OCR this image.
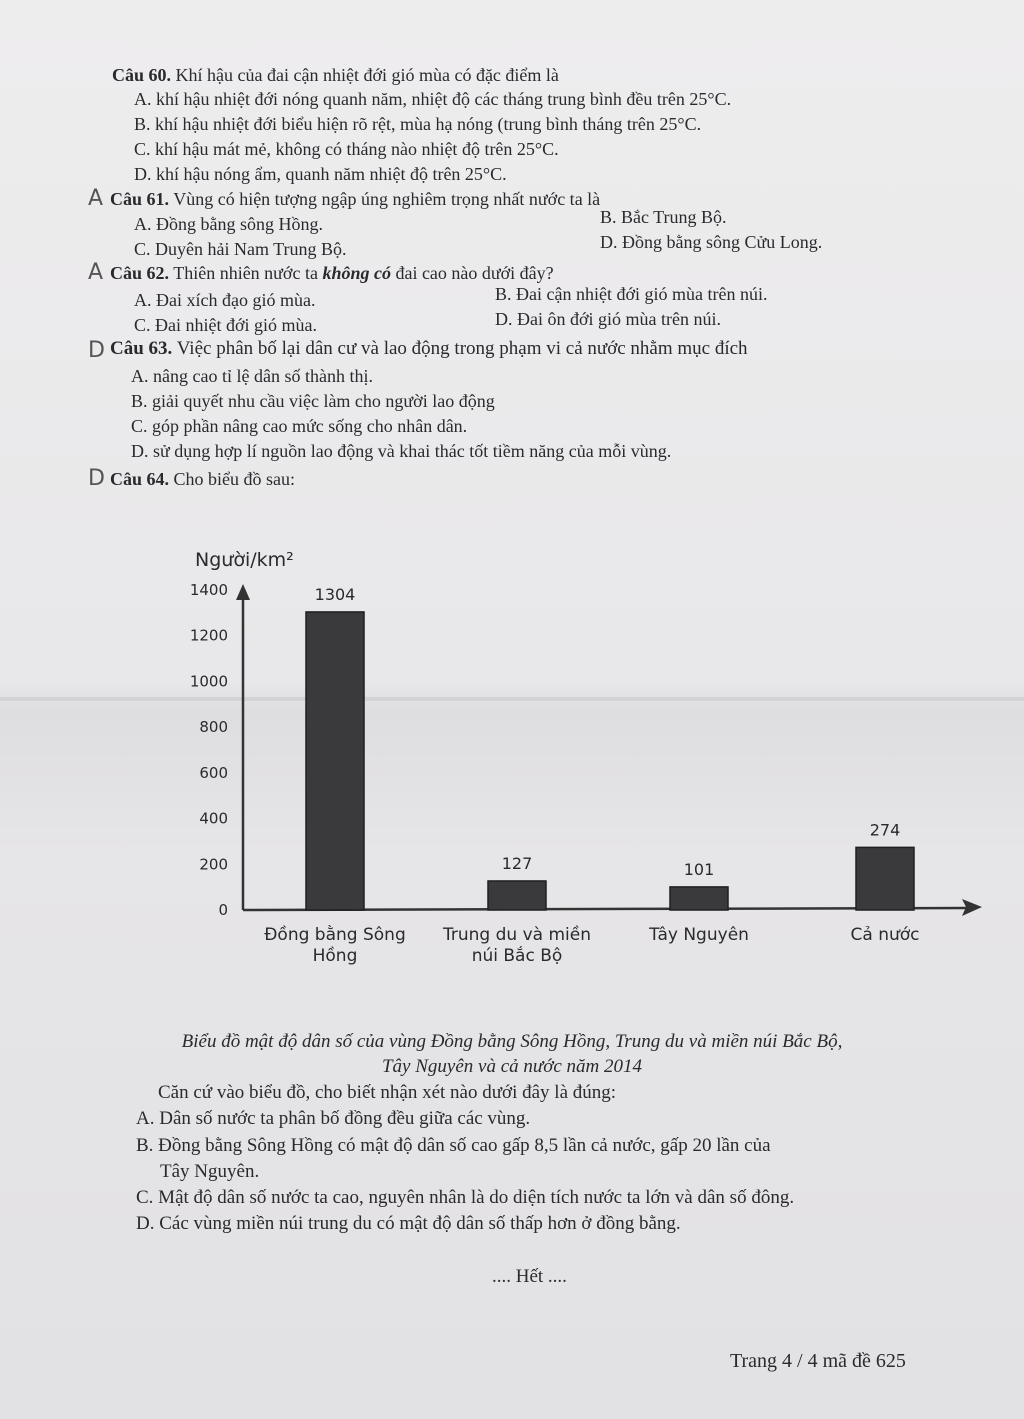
Câu 60. Khí hậu của đai cận nhiệt đới gió mùa có đặc điểm là
A. khí hậu nhiệt đới nóng quanh năm, nhiệt độ các tháng trung bình đều trên 25°C.
B. khí hậu nhiệt đới biểu hiện rõ rệt, mùa hạ nóng (trung bình tháng trên 25°C.
C. khí hậu mát mẻ, không có tháng nào nhiệt độ trên 25°C.
D. khí hậu nóng ẩm, quanh năm nhiệt độ trên 25°C.
A Câu 61. Vùng có hiện tượng ngập úng nghiêm trọng nhất nước ta là
A. Đồng bằng sông Hồng.	B. Bắc Trung Bộ.
C. Duyên hải Nam Trung Bộ.	D. Đồng bằng sông Cửu Long.
A Câu 62. Thiên nhiên nước ta không có đai cao nào dưới đây?
A. Đai xích đạo gió mùa.	B. Đai cận nhiệt đới gió mùa trên núi.
C. Đai nhiệt đới gió mùa.	D. Đai ôn đới gió mùa trên núi.
D Câu 63. Việc phân bố lại dân cư và lao động trong phạm vi cả nước nhằm mục đích
A. nâng cao tỉ lệ dân số thành thị.
B. giải quyết nhu cầu việc làm cho người lao động
C. góp phần nâng cao mức sống cho nhân dân.
D. sử dụng hợp lí nguồn lao động và khai thác tốt tiềm năng của mỗi vùng.
D Câu 64. Cho biểu đồ sau:
Người/km²
0
200
400
600
800
1000
1200
1400	1304
127	101
274
Đồng bằng Sông
Hồng
Trung du và miền
núi Bắc Bộ
Tây Nguyên	Cả nước
Biểu đồ mật độ dân số của vùng Đồng bằng Sông Hồng, Trung du và miền núi Bắc Bộ,
Tây Nguyên và cả nước năm 2014
Căn cứ vào biểu đồ, cho biết nhận xét nào dưới đây là đúng:
A. Dân số nước ta phân bố đồng đều giữa các vùng.
B. Đồng bằng Sông Hồng có mật độ dân số cao gấp 8,5 lần cả nước, gấp 20 lần của
Tây Nguyên.
C. Mật độ dân số nước ta cao, nguyên nhân là do diện tích nước ta lớn và dân số đông.
D. Các vùng miền núi trung du có mật độ dân số thấp hơn ở đồng bằng.
.... Hết ....
Trang 4 / 4 mã đề 625
